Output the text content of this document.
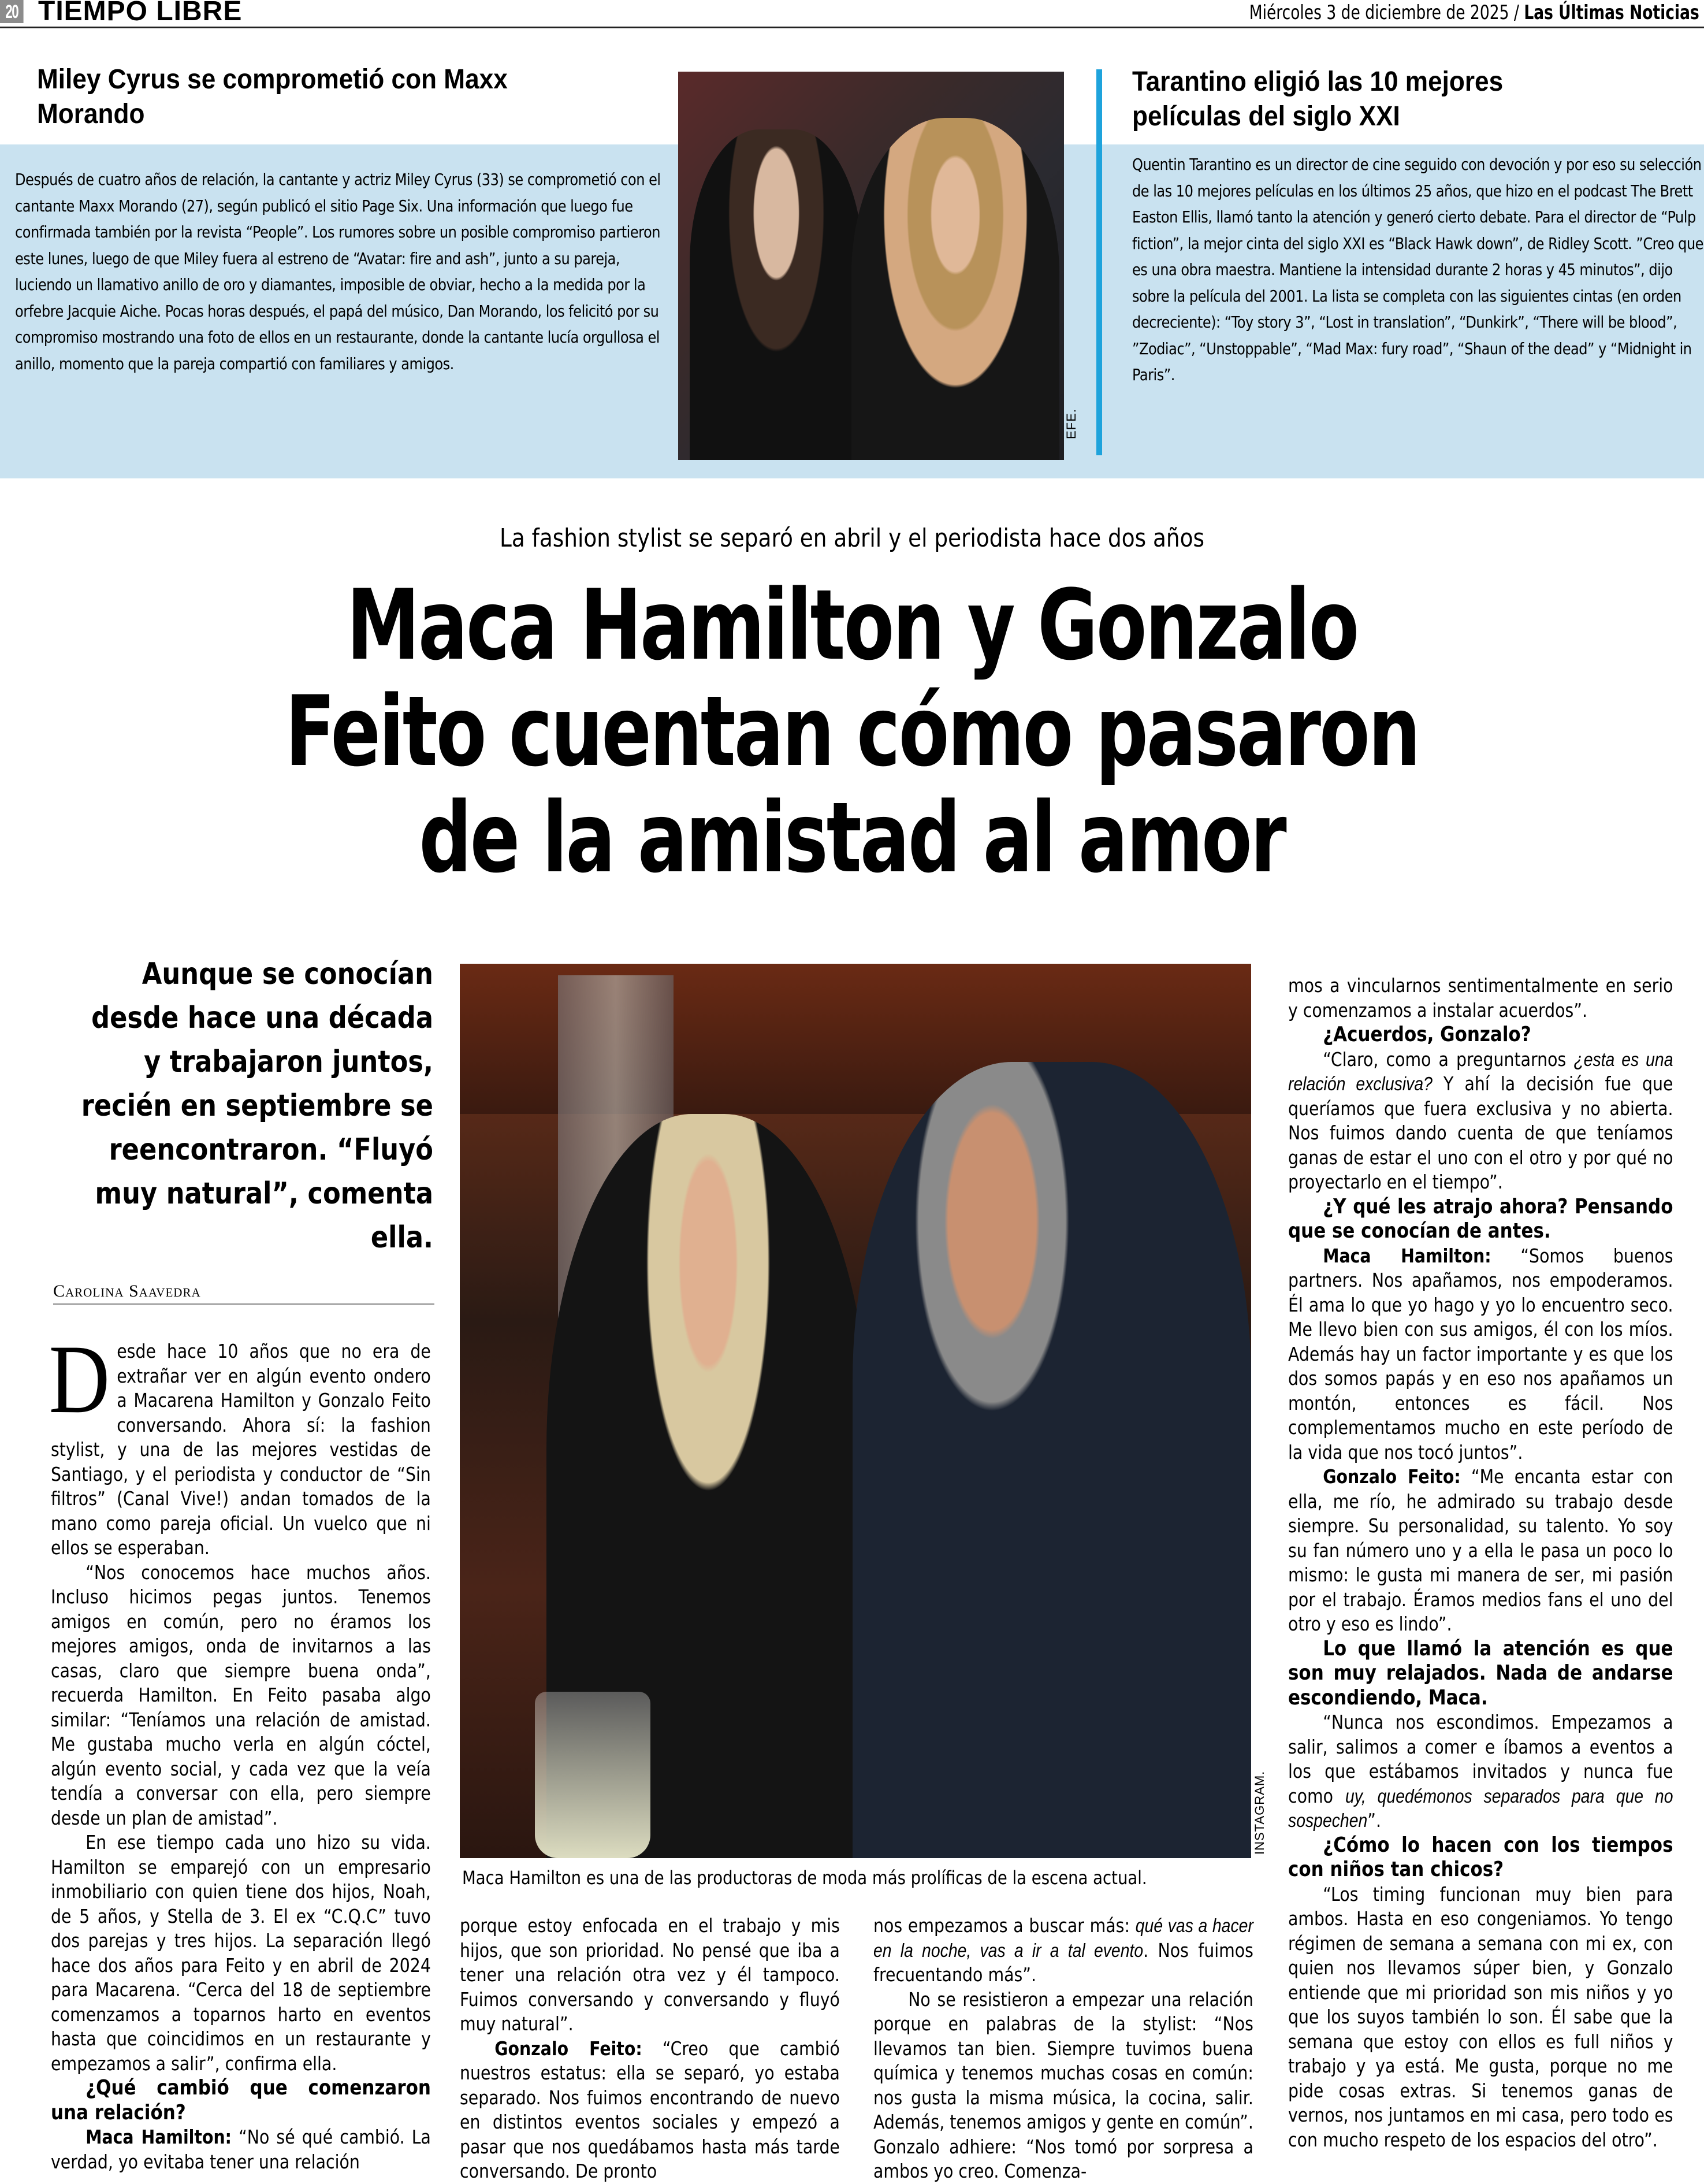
20 TIEMPO LIBRE	Miércoles 3 de diciembre de 2025 / Las Últimas Noticias
Miley Cyrus se comprometió con Maxx Morando
Después de cuatro años de relación, la cantante y actriz Miley Cyrus (33) se comprometió con el cantante Maxx Morando (27), según publicó el sitio Page Six. Una información que luego fue confirmada también por la revista “People”. Los rumores sobre un posible compromiso partieron este lunes, luego de que Miley fuera al estreno de “Avatar: fire and ash”, junto a su pareja, luciendo un llamativo anillo de oro y diamantes, imposible de obviar, hecho a la medida por la orfebre Jacquie Aiche. Pocas horas después, el papá del músico, Dan Morando, los felicitó por su compromiso mostrando una foto de ellos en un restaurante, donde la cantante lucía orgullosa el anillo, momento que la pareja compartió con familiares y amigos.
EFE.
Tarantino eligió las 10 mejores películas del siglo XXI
Quentin Tarantino es un director de cine seguido con devoción y por eso su selección de las 10 mejores películas en los últimos 25 años, que hizo en el podcast The Brett Easton Ellis, llamó tanto la atención y generó cierto debate. Para el director de “Pulp fiction”, la mejor cinta del siglo XXI es “Black Hawk down”, de Ridley Scott. ”Creo que es una obra maestra. Mantiene la intensidad durante 2 horas y 45 minutos”, dijo sobre la película del 2001. La lista se completa con las siguientes cintas (en orden decreciente): “Toy story 3”, “Lost in translation”, “Dunkirk”, “There will be blood”, ”Zodiac”, “Unstoppable”, “Mad Max: fury road”, “Shaun of the dead” y “Midnight in Paris”.
La fashion stylist se separó en abril y el periodista hace dos años
Maca Hamilton y Gonzalo Feito cuentan cómo pasaron de la amistad al amor
Aunque se conocían desde hace una década y trabajaron juntos, recién en septiembre se reencontraron. “Fluyó muy natural”, comenta ella.
Carolina Saavedra

Desde hace 10 años que no era de extrañar ver en algún evento ondero a Macarena Hamilton y Gonzalo Feito conversando. Ahora sí: la fashion stylist, y una de las mejores vestidas de Santiago, y el periodista y conductor de “Sin filtros” (Canal Vive!) andan tomados de la mano como pareja oficial. Un vuelco que ni ellos se esperaban.

“Nos conocemos hace muchos años. Incluso hicimos pegas juntos. Tenemos amigos en común, pero no éramos los mejores amigos, onda de invitarnos a las casas, claro que siempre buena onda”, recuerda Hamilton. En Feito pasaba algo similar: “Teníamos una relación de amistad. Me gustaba mucho verla en algún cóctel, algún evento social, y cada vez que la veía tendía a conversar con ella, pero siempre desde un plan de amistad”.

En ese tiempo cada uno hizo su vida. Hamilton se emparejó con un empresario inmobiliario con quien tiene dos hijos, Noah, de 5 años, y Stella de 3. El ex “C.Q.C” tuvo dos parejas y tres hijos. La separación llegó hace dos años para Feito y en abril de 2024 para Macarena. “Cerca del 18 de septiembre comenzamos a toparnos harto en eventos hasta que coincidimos en un restaurante y empezamos a salir”, confirma ella.

¿Qué cambió que comenzaron una relación?

Maca Hamilton: “No sé qué cambió. La verdad, yo evitaba tener una relación

INSTAGRAM.
Maca Hamilton es una de las productoras de moda más prolíficas de la escena actual.

porque estoy enfocada en el trabajo y mis hijos, que son prioridad. No pensé que iba a tener una relación otra vez y él tampoco. Fuimos conversando y conversando y fluyó muy natural”.

Gonzalo Feito: “Creo que cambió nuestros estatus: ella se separó, yo estaba separado. Nos fuimos encontrando de nuevo en distintos eventos sociales y empezó a pasar que nos quedábamos hasta más tarde conversando. De pronto

nos empezamos a buscar más: qué vas a hacer en la noche, vas a ir a tal evento. Nos fuimos frecuentando más”.

No se resistieron a empezar una relación porque en palabras de la stylist: “Nos llevamos tan bien. Siempre tuvimos buena química y tenemos muchas cosas en común: nos gusta la misma música, la cocina, salir. Además, tenemos amigos y gente en común”. Gonzalo adhiere: “Nos tomó por sorpresa a ambos yo creo. Comenza-

mos a vincularnos sentimentalmente en serio y comenzamos a instalar acuerdos”.

¿Acuerdos, Gonzalo?

“Claro, como a preguntarnos ¿esta es una relación exclusiva? Y ahí la decisión fue que queríamos que fuera exclusiva y no abierta. Nos fuimos dando cuenta de que teníamos ganas de estar el uno con el otro y por qué no proyectarlo en el tiempo”.

¿Y qué les atrajo ahora? Pensando que se conocían de antes.

Maca Hamilton: “Somos buenos partners. Nos apañamos, nos empoderamos. Él ama lo que yo hago y yo lo encuentro seco. Me llevo bien con sus amigos, él con los míos. Además hay un factor importante y es que los dos somos papás y en eso nos apañamos un montón, entonces es fácil. Nos complementamos mucho en este período de la vida que nos tocó juntos”.

Gonzalo Feito: “Me encanta estar con ella, me río, he admirado su trabajo desde siempre. Su personalidad, su talento. Yo soy su fan número uno y a ella le pasa un poco lo mismo: le gusta mi manera de ser, mi pasión por el trabajo. Éramos medios fans el uno del otro y eso es lindo”.

Lo que llamó la atención es que son muy relajados. Nada de andarse escondiendo, Maca.

“Nunca nos escondimos. Empezamos a salir, salimos a comer e íbamos a eventos a los que estábamos invitados y nunca fue como uy, quedémonos separados para que no sospechen”.

¿Cómo lo hacen con los tiempos con niños tan chicos?

“Los timing funcionan muy bien para ambos. Hasta en eso congeniamos. Yo tengo régimen de semana a semana con mi ex, con quien nos llevamos súper bien, y Gonzalo entiende que mi prioridad son mis niños y yo que los suyos también lo son. Él sabe que la semana que estoy con ellos es full niños y trabajo y ya está. Me gusta, porque no me pide cosas extras. Si tenemos ganas de vernos, nos juntamos en mi casa, pero todo es con mucho respeto de los espacios del otro”.
